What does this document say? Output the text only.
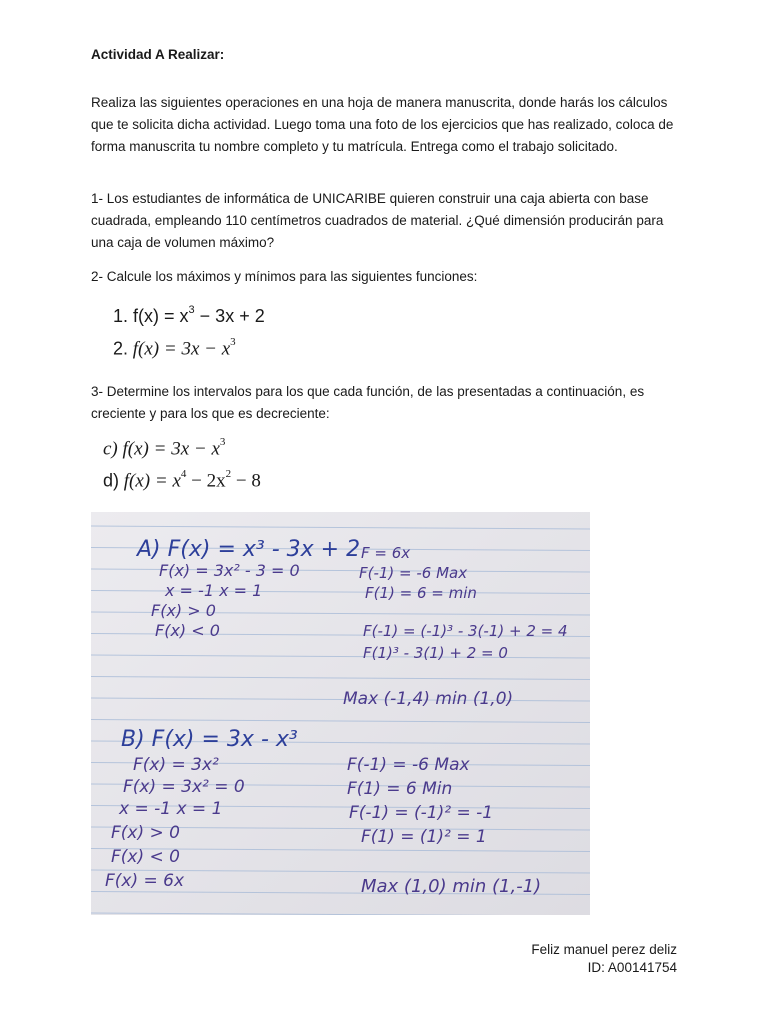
Actividad A Realizar:
Realiza las siguientes operaciones en una hoja de manera manuscrita, donde harás los cálculos que te solicita dicha actividad. Luego toma una foto de los ejercicios que has realizado, coloca de forma manuscrita tu nombre completo y tu matrícula. Entrega como el trabajo solicitado.
1- Los estudiantes de informática de UNICARIBE quieren construir una caja abierta con base cuadrada, empleando 110 centímetros cuadrados de material. ¿Qué dimensión producirán para una caja de volumen máximo?
2- Calcule los máximos y mínimos para las siguientes funciones:
1. $f(x) = x^3 - 3x + 2$
2. $f(x) = 3x - x^3$
3- Determine los intervalos para los que cada función, de las presentadas a continuación, es creciente y para los que es decreciente:
c) $f(x) = 3x - x^3$
d) $f(x) = x^4 - 2x^2 - 8$
A) F(x) = x³ - 3x + 2
F(x) = 3x² - 3 = 0
x = -1 x = 1
F(x) > 0
F(x) < 0
F = 6x
F(-1) = -6 Max
F(1) = 6 = min
F(-1) = (-1)³ - 3(-1) + 2 = 4
F(1)³ - 3(1) + 2 = 0
Max (-1,4) min (1,0)
B) F(x) = 3x - x³
F(x) = 3x²
F(x) = 3x² = 0
x = -1 x = 1
F(x) > 0
F(x) < 0
F(x) = 6x
F(-1) = -6 Max
F(1) = 6 Min
F(-1) = (-1)² = -1
F(1) = (1)² = 1
Max (1,0) min (1,-1)
Feliz manuel perez deliz
ID: A00141754
